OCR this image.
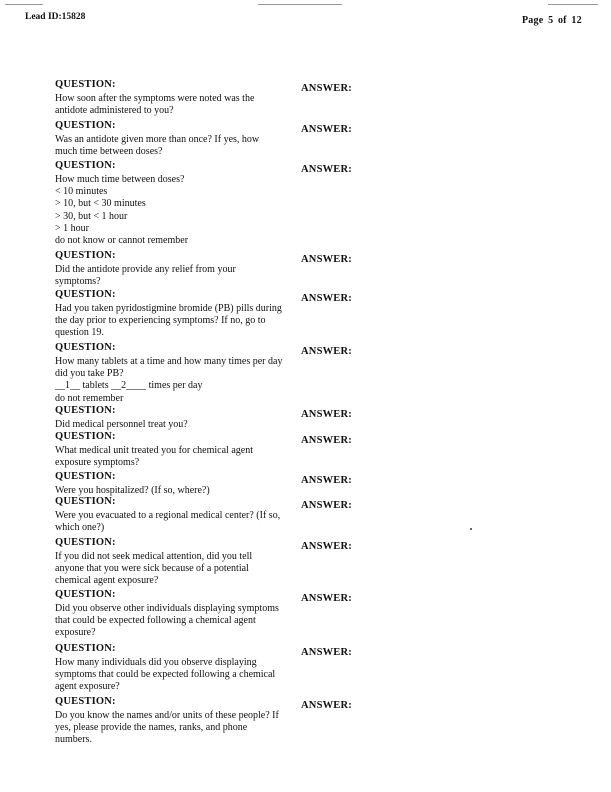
Lead ID:15828	Page 5 of 12
QUESTION:
How soon after the symptoms were noted was the
antidote administered to you?
ANSWER:
QUESTION:
Was an antidote given more than once? If yes, how
much time between doses?
ANSWER:
QUESTION:
How much time between doses?
< 10 minutes
> 10, but < 30 minutes
> 30, but < 1 hour
> 1 hour
do not know or cannot remember
ANSWER:
QUESTION:
Did the antidote provide any relief from your
symptoms?
ANSWER:
QUESTION:
Had you taken pyridostigmine bromide (PB) pills during
the day prior to experiencing symptoms? If no, go to
question 19.
ANSWER:
QUESTION:
How many tablets at a time and how many times per day
did you take PB?
__1__ tablets __2____ times per day
do not remember
ANSWER:
QUESTION:
Did medical personnel treat you?
ANSWER:
QUESTION:
What medical unit treated you for chemical agent
exposure symptoms?
ANSWER:
QUESTION:
Were you hospitalized? (If so, where?)
ANSWER:
QUESTION:
Were you evacuated to a regional medical center? (If so,
which one?)
ANSWER:
QUESTION:
If you did not seek medical attention, did you tell
anyone that you were sick because of a potential
chemical agent exposure?
ANSWER:
QUESTION:
Did you observe other individuals displaying symptoms
that could be expected following a chemical agent
exposure?
ANSWER:
QUESTION:
How many individuals did you observe displaying
symptoms that could be expected following a chemical
agent exposure?
ANSWER:
QUESTION:
Do you know the names and/or units of these people? If
yes, please provide the names, ranks, and phone
numbers.
ANSWER:
